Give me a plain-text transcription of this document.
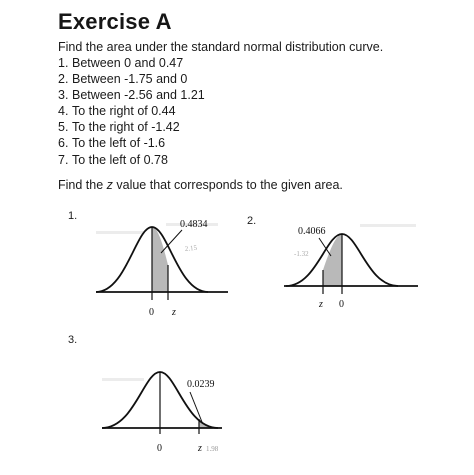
Exercise A
Find the area under the standard normal distribution curve.
1. Between 0 and 0.47
2. Between -1.75 and 0
3. Between -2.56 and 1.21
4. To the right of 0.44
5. To the right of -1.42
6. To the left of -1.6
7. To the left of 0.78
Find the z value that corresponds to the given area.
1.
0.4834
2.15
0 z
2.
0.4066
-1.32
z 0
3.
0.0239
0	z 1.98
